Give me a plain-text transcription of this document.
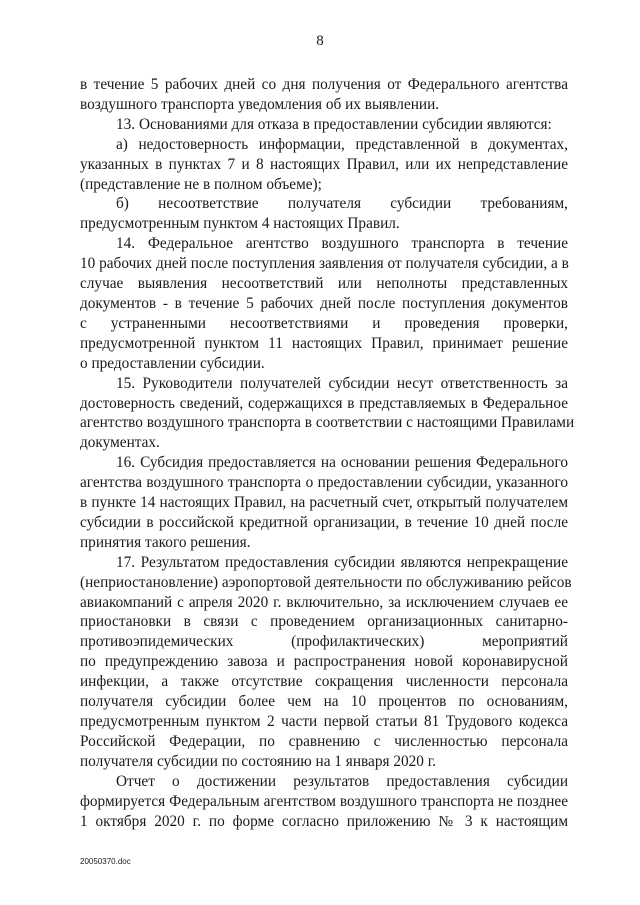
8
в течение 5 рабочих дней со дня получения от Федерального агентства
воздушного транспорта уведомления об их выявлении.
13. Основаниями для отказа в предоставлении субсидии являются:
а) недостоверность информации, представленной в документах,
указанных в пунктах 7 и 8 настоящих Правил, или их непредставление
(представление не в полном объеме);
б) несоответствие получателя субсидии требованиям,
предусмотренным пунктом 4 настоящих Правил.
14. Федеральное агентство воздушного транспорта в течение
10 рабочих дней после поступления заявления от получателя субсидии, а в
случае выявления несоответствий или неполноты представленных
документов - в течение 5 рабочих дней после поступления документов
с устраненными несоответствиями и проведения проверки,
предусмотренной пунктом 11 настоящих Правил, принимает решение
о предоставлении субсидии.
15. Руководители получателей субсидии несут ответственность за
достоверность сведений, содержащихся в представляемых в Федеральное
агентство воздушного транспорта в соответствии с настоящими Правилами
документах.
16. Субсидия предоставляется на основании решения Федерального
агентства воздушного транспорта о предоставлении субсидии, указанного
в пункте 14 настоящих Правил, на расчетный счет, открытый получателем
субсидии в российской кредитной организации, в течение 10 дней после
принятия такого решения.
17. Результатом предоставления субсидии являются непрекращение
(неприостановление) аэропортовой деятельности по обслуживанию рейсов
авиакомпаний с апреля 2020 г. включительно, за исключением случаев ее
приостановки в связи с проведением организационных санитарно-
противоэпидемических (профилактических) мероприятий
по предупреждению завоза и распространения новой коронавирусной
инфекции, а также отсутствие сокращения численности персонала
получателя субсидии более чем на 10 процентов по основаниям,
предусмотренным пунктом 2 части первой статьи 81 Трудового кодекса
Российской Федерации, по сравнению с численностью персонала
получателя субсидии по состоянию на 1 января 2020 г.
Отчет о достижении результатов предоставления субсидии
формируется Федеральным агентством воздушного транспорта не позднее
1 октября 2020 г. по форме согласно приложению № 3 к настоящим
20050370.doc
